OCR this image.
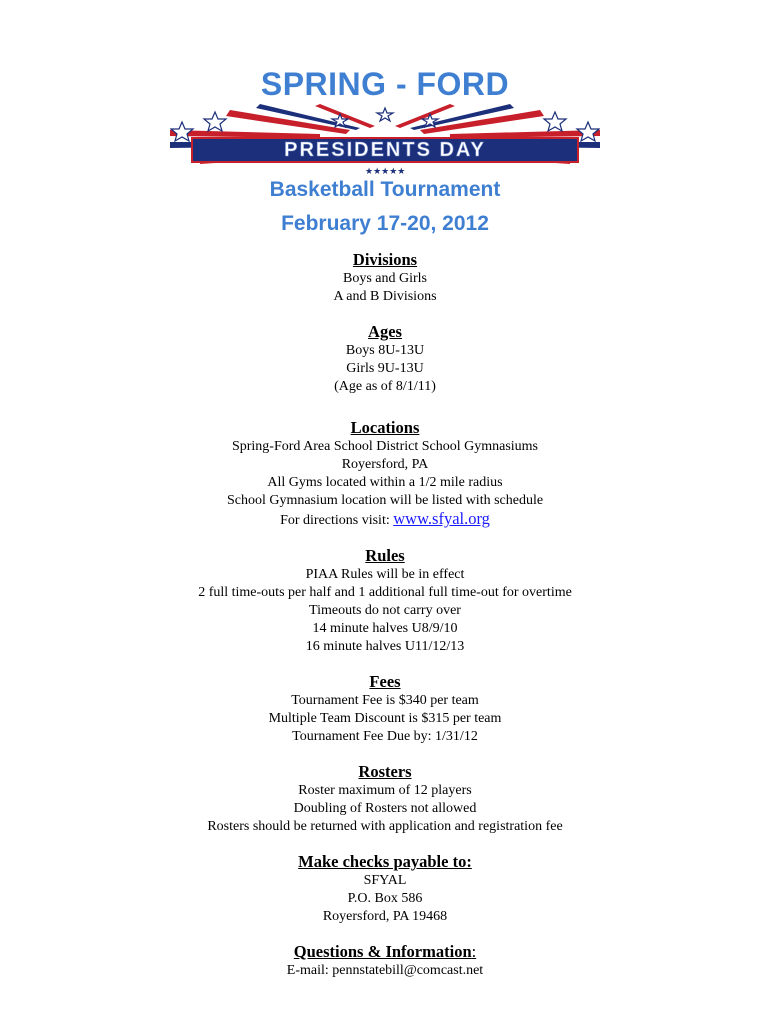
SPRING - FORD
PRESIDENTS DAY
★★★★★
Basketball Tournament
February 17-20, 2012
Divisions
Boys and Girls
A and B Divisions
Ages
Boys 8U-13U
Girls 9U-13U
(Age as of 8/1/11)
Locations
Spring-Ford Area School District School Gymnasiums
Royersford, PA
All Gyms located within a 1/2 mile radius
School Gymnasium location will be listed with schedule
For directions visit: www.sfyal.org
Rules
PIAA Rules will be in effect
2 full time-outs per half and 1 additional full time-out for overtime
Timeouts do not carry over
14 minute halves U8/9/10
16 minute halves U11/12/13
Fees
Tournament Fee is $340 per team
Multiple Team Discount is $315 per team
Tournament Fee Due by: 1/31/12
Rosters
Roster maximum of 12 players
Doubling of Rosters not allowed
Rosters should be returned with application and registration fee
Make checks payable to:
SFYAL
P.O. Box 586
Royersford, PA 19468
Questions & Information:
E-mail: pennstatebill@comcast.net
